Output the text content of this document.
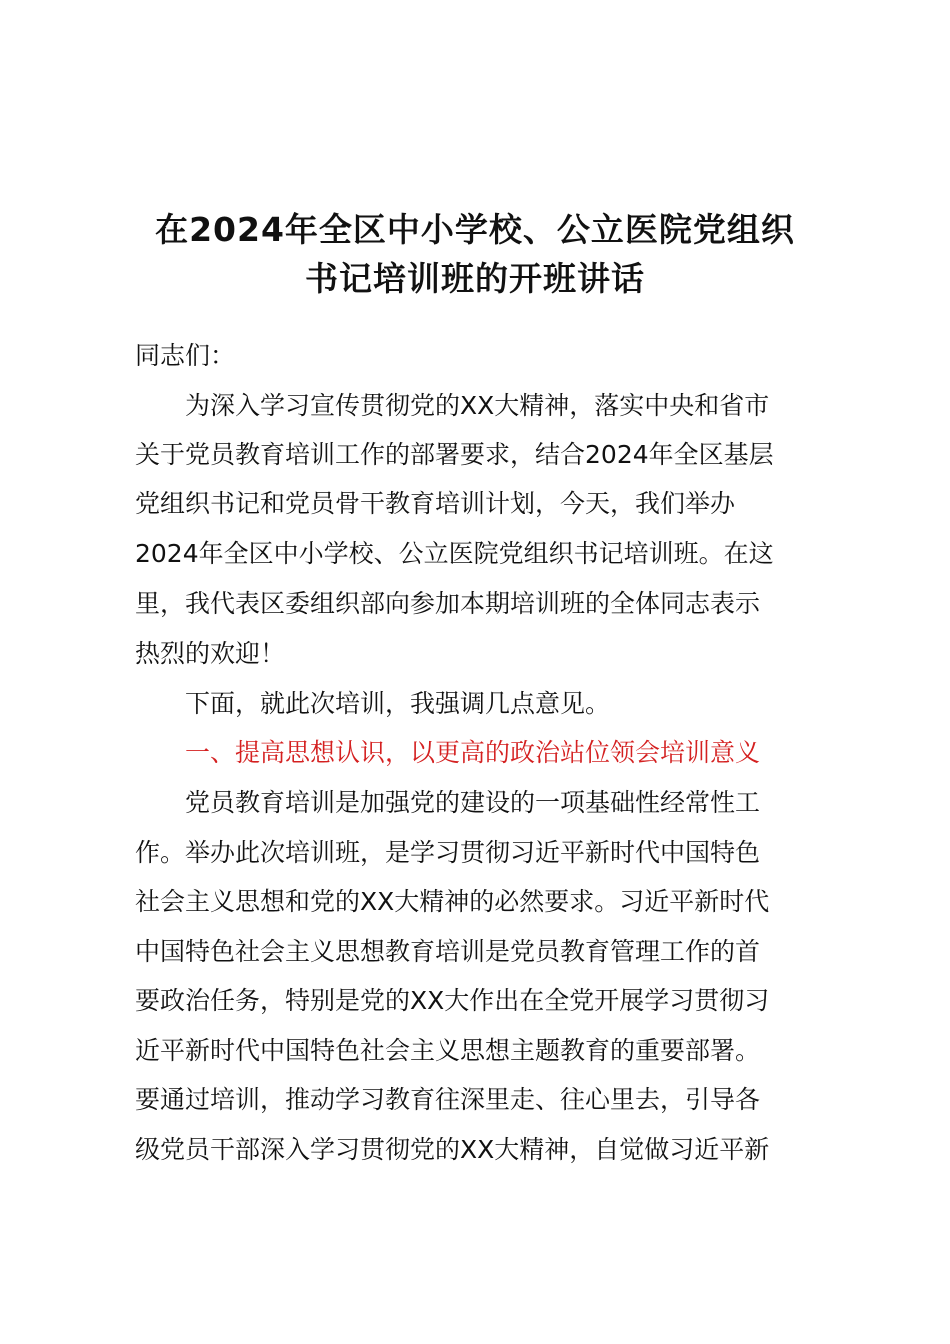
在2024年全区中小学校、公立医院党组织
书记培训班的开班讲话

同志们：

　　为深入学习宣传贯彻党的XX大精神，落实中央和省市

关于党员教育培训工作的部署要求，结合2024年全区基层

党组织书记和党员骨干教育培训计划，今天，我们举办

2024年全区中小学校、公立医院党组织书记培训班。在这

里，我代表区委组织部向参加本期培训班的全体同志表示

热烈的欢迎！

　　下面，就此次培训，我强调几点意见。

　　一、提高思想认识，以更高的政治站位领会培训意义

　　党员教育培训是加强党的建设的一项基础性经常性工

作。举办此次培训班，是学习贯彻习近平新时代中国特色

社会主义思想和党的XX大精神的必然要求。习近平新时代

中国特色社会主义思想教育培训是党员教育管理工作的首

要政治任务，特别是党的XX大作出在全党开展学习贯彻习

近平新时代中国特色社会主义思想主题教育的重要部署。

要通过培训，推动学习教育往深里走、往心里去，引导各

级党员干部深入学习贯彻党的XX大精神，自觉做习近平新
